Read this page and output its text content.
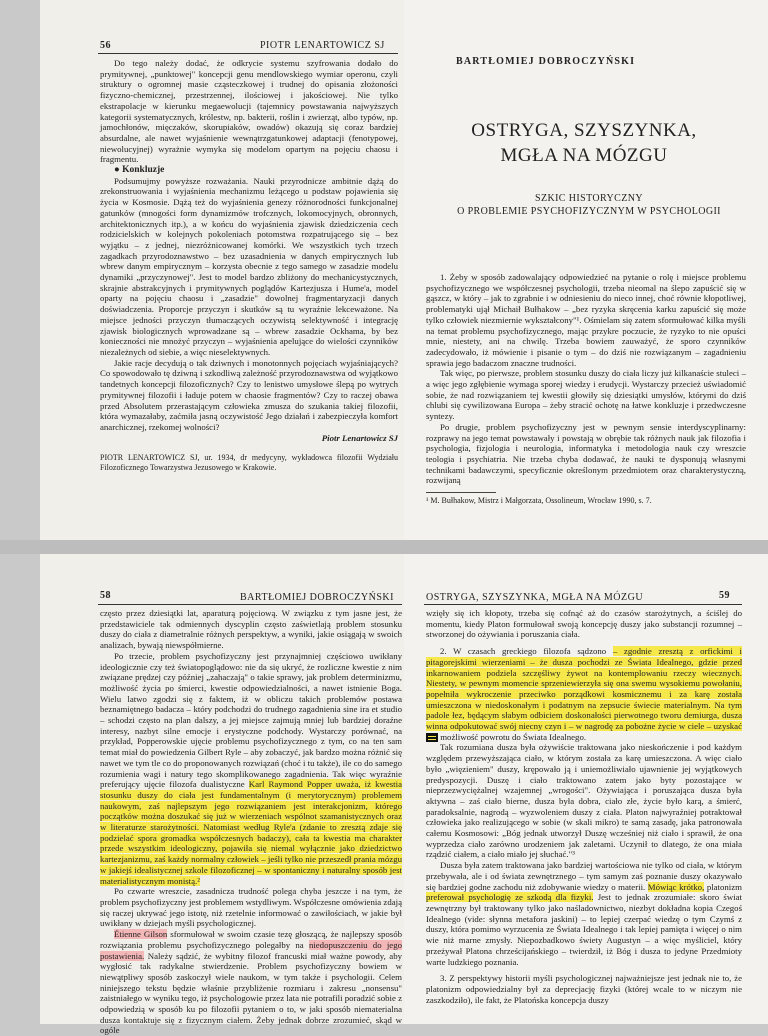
56	PIOTR LENARTOWICZ SJ

Do tego należy dodać, że odkrycie systemu szyfrowania dodało do prymitywnej, „punktowej" koncepcji genu mendlowskiego wymiar operonu, czyli struktury o ogromnej masie cząsteczkowej i trudnej do opisania złożoności fizyczno-chemicznej, przestrzennej, ilościowej i jakościowej. Nie tylko ekstrapolacje w kierunku megaewolucji (tajemnicy powstawania najwyższych kategorii systematycznych, królestw, np. bakterii, roślin i zwierząt, albo typów, np. jamochłonów, mięczaków, skorupiaków, owadów) okazują się coraz bardziej absurdalne, ale nawet wyjaśnienie wewnątrzgatunkowej adaptacji (fenotypowej, niewolucyjnej) wyrażnie wymyka się modelom opartym na pojęciu chaosu i fragmentu.

● Konkluzje

Podsumujmy powyższe rozważania. Nauki przyrodnicze ambitnie dążą do zrekonstruowania i wyjaśnienia mechanizmu leżącego u podstaw pojawienia się życia w Kosmosie. Dążą też do wyjaśnienia genezy różnorodności funkcjonalnej gatunków (mnogości form dynamizmów trofcznych, lokomocyjnych, obronnych, architektonicznych itp.), a w końcu do wyjaśnienia zjawisk dziedziczenia cech rodzicielskich w kolejnych pokoleniach potomstwa rozpatrującego się – bez wyjątku – z jednej, niezróżnicowanej komórki. We wszystkich tych trzech zagadkach przyrodoznawstwo – bez uzasadnienia w danych empirycznych lub wbrew danym empirycznym – korzysta obecnie z tego samego w zasadzie modelu dynamiki „przyczynowej". Jest to model bardzo zbliżony do mechanicystycznych, skrajnie abstrakcyjnych i prymitywnych poglądów Kartezjusza i Hume'a, model oparty na pojęciu chaosu i „zasadzie" dowolnej fragmentaryzacji danych doświadczenia. Proporcje przyczyn i skutków są tu wyraźnie lekceważone. Na miejsce jedności przyczyn tłumaczących oczywistą selektywność i integrację zjawisk biologicznych wprowadzane są – wbrew zasadzie Ockhama, by bez konieczności nie mnożyć przyczyn – wyjaśnienia apelujące do wielości czynników niezależnych od siebie, a więc nieselektywnych.

Jakie racje decydują o tak dziwnych i monotonnych pojęciach wyjaśniających? Co spowodowało tę dziwną i szkodliwą zależność przyrodoznawstwa od wyjątkowo tandetnych koncepcji filozoficznych? Czy to lenistwo umysłowe ślepą po wytrych prymitywnej filozofii i ładuje potem w chaosie fragmentów? Czy to raczej obawa przed Absolutem przerastającym człowieka zmusza do szukania takiej filozofii, która wymazałaby, zaćmiła jasną oczywistość Jego działań i zabezpieczyła komfort anarchicznej, rzekomej wolności?

Piotr Lenartowicz SJ

PIOTR LENARTOWICZ SJ, ur. 1934, dr medycyny, wykładowca filozofii Wydziału Filozoficznego Towarzystwa Jezusowego w Krakowie.

BARTŁOMIEJ DOBROCZYŃSKI
OSTRYGA, SZYSZYNKA,
MGŁA NA MÓZGU
SZKIC HISTORYCZNY
O PROBLEMIE PSYCHOFIZYCZNYM W PSYCHOLOGII

1. Żeby w sposób zadowalający odpowiedzieć na pytanie o rolę i miejsce problemu psychofizycznego we współczesnej psychologii, trzeba nieomal na ślepo zapuścić się w gąszcz, w który – jak to zgrabnie i w odniesieniu do nieco innej, choć równie kłopotliwej, problematyki ujął Michaił Bułhakow – „bez ryzyka skręcenia karku zapuścić się może tylko człowiek niezmiernie wykształcony"¹. Ośmielam się zatem sformułować kilka myśli na temat problemu psychofizycznego, mając przykre poczucie, że ryzyko to nie opuści mnie, niestety, ani na chwilę. Trzeba bowiem zauważyć, że sporo czynników zadecydowało, iż mówienie i pisanie o tym – do dziś nie rozwiązanym – zagadnieniu sprawia jego badaczom znaczne trudności.

Tak więc, po pierwsze, problem stosunku duszy do ciała liczy już kilkanaście stuleci – a więc jego zgłębienie wymaga sporej wiedzy i erudycji. Wystarczy przecież uświadomić sobie, że nad rozwiązaniem tej kwestii głowiły się dziesiątki umysłów, którymi do dziś chlubi się cywilizowana Europa – żeby stracić ochotę na łatwe konkluzje i przedwczesne syntezy.

Po drugie, problem psychofizyczny jest w pewnym sensie interdyscyplinarny: rozprawy na jego temat powstawały i powstają w obrębie tak różnych nauk jak filozofia i psychologia, fizjologia i neurologia, informatyka i metodologia nauk czy wreszcie teologia i psychiatria. Nie trzeba chyba dodawać, że nauki te dysponują własnymi technikami badawczymi, specyficznie określonym przedmiotem oraz charakterystyczną, rozwijaną

¹ M. Bułhakow, Mistrz i Małgorzata, Ossolineum, Wrocław 1990, s. 7.

58	BARTŁOMIEJ DOBROCZYŃSKI

często przez dziesiątki lat, aparaturą pojęciową. W związku z tym jasne jest, że przedstawiciele tak odmiennych dyscyplin często zaświetlają problem stosunku duszy do ciała z diametralnie różnych perspektyw, a wyniki, jakie osiągają w swoich analizach, bywają niewspółmierne.

Po trzecie, problem psychofizyczny jest przynajmniej częściowo uwikłany ideologicznie czy też światopoglądowo: nie da się ukryć, że rozliczne kwestie z nim związane prędzej czy później „zahaczają" o takie sprawy, jak problem determinizmu, możliwość życia po śmierci, kwestie odpowiedzialności, a nawet istnienie Boga. Wielu latwo zgodzi się z faktem, iż w obliczu takich problemów postawa beznamiętnego badacza – który podchodzi do trudnego zagadnienia sine ira et studio – schodzi często na plan dalszy, a jej miejsce zajmują mniej lub bardziej doraźne interesy, nazbyt silne emocje i erystyczne podchody. Wystarczy porównać, na przykład, Popperowskie ujęcie problemu psychofizycznego z tym, co na ten sam temat miał do powiedzenia Gilbert Ryle – aby zobaczyć, jak bardzo można różnić się nawet we tym tle co do proponowanych rozwiązań (choć i tu także), ile co do samego rozumienia wagi i natury tego skomplikowanego zagadnienia. Tak więc wyraźnie preferujący ujęcie filozofa dualistyczne Karl Raymond Popper uważa, iż kwestia stosunku duszy do ciała jest fundamentalnym (i merytorycznym) problemem naukowym, zaś najlepszym jego rozwiązaniem jest interakcjonizm, którego początków można doszukać się już w wierzeniach wspólnot szamanistycznych oraz w literaturze starożytności. Natomiast według Ryle'a (zdanie to zresztą zdaje się podzielać spora gromadka współczesnych badaczy), cała ta kwestia ma charakter przede wszystkim ideologiczny, pojawiła się niemal wyłącznie jako dziedzictwo kartezjanizmu, zaś każdy normalny człowiek – jeśli tylko nie przeszedł prania mózgu w jakiejś idealistycznej szkole filozoficznej – w spontaniczny i naturalny sposób jest materialistycznym monistą.²

Po czwarte wreszcie, zasadnicza trudność polega chyba jeszcze i na tym, że problem psychofizyczny jest problemem wstydliwym. Współczesne omówienia zdają się raczej ukrywać jego istotę, niż rzetelnie informować o zawiłościach, w jakie był uwikłany w dziejach myśli psychologicznej.

Étienne Gilson sformułował w swoim czasie tezę głoszącą, że najlepszy sposób rozwiązania problemu psychofizycznego polegałby na niedopuszczeniu do jego postawienia. Należy sądzić, że wybitny filozof francuski miał ważne powody, aby wygłosić tak radykalne stwierdzenie. Problem psychofizyczny bowiem w niewątpliwy sposób zaskoczył wiele naukom, w tym także i psychologii. Celem niniejszego tekstu będzie właśnie przybliżenie rozmiaru i zakresu „nonsensu" zaistniałego w wyniku tego, iż psychologowie przez lata nie potrafili poradzić sobie z odpowiedzią w sposób ku po filozofii pytaniem o to, w jaki sposób niematerialna dusza kontaktuje się z fizycznym ciałem. Żeby jednak dobrze zrozumieć, skąd w ogóle

OSTRYGA, SZYSZYNKA, MGŁA NA MÓZGU	59

wzięły się ich kłopoty, trzeba się cofnąć aż do czasów starożytnych, a ściślej do momentu, kiedy Platon formułował swoją koncepcję duszy jako substancji rozumnej – stworzonej do ożywiania i poruszania ciała.

2. W czasach greckiego filozofa sądzono – zgodnie zresztą z orfickimi i pitagorejskimi wierzeniami – że dusza pochodzi ze Świata Idealnego, gdzie przed inkarnowaniem podziela szczęśliwy żywot na kontemplowaniu rzeczy wiecznych. Niestety, w pewnym momencie sprzeniewierzyła się ona swemu wysokiemu powołaniu, popełniła wykroczenie przeciwko porządkowi kosmicznemu i za karę została umieszczona w niedoskonałym i podatnym na zepsucie świecie materialnym. Na tym padole łez, będącym słabym odbiciem doskonałości pierwotnego tworu demiurga, dusza winna odpokutować swój niecny czyn i – w nagrodę za pobożne życie w ciele – uzyskać możliwość powrotu do Świata Idealnego.

Tak rozumiana dusza była ożywiście traktowana jako nieskończenie i pod każdym względem przewyższająca ciało, w którym została za karę umieszczona. A więc ciało było „więzieniem" duszy, krępowało ją i uniemożliwiało ujawnienie jej wyjątkowych predyspozycji. Duszę i ciało traktowano zatem jako byty pozostające w nieprzezwyciężalnej wzajemnej „wrogości". Ożywiająca i poruszająca dusza była aktywna – zaś ciało bierne, dusza była dobra, ciało złe, życie było karą, a śmierć, paradoksalnie, nagrodą – wyzwoleniem duszy z ciała. Platon najwyraźniej potraktował człowieka jako realizującego w sobie (w skali mikro) te samą zasadę, jaka patronowała całemu Kosmosowi: „Bóg jednak utworzył Duszę wcześniej niż ciało i sprawił, że ona wyprzedza ciało zarówno urodzeniem jak zaletami. Uczynił to dlatego, że ona miała rządzić ciałem, a ciało miało jej słuchać."³

Dusza była zatem traktowana jako bardziej wartościowa nie tylko od ciała, w którym przebywała, ale i od świata zewnętrznego – tym samym zaś poznanie duszy okazywało się bardziej godne zachodu niż zdobywanie wiedzy o materii. Mówiąc krótko, platonizm preferował psychologię ze szkodą dla fizyki. Jest to jednak zrozumiałe: skoro świat zewnętrzny był traktowany tylko jako naśladownictwo, niezbyt dokładna kopia Czegoś Idealnego (vide: słynna metafora jaskini) – to lepiej czerpać wiedzę o tym Czymś z duszy, która pomimo wyrzucenia ze Świata Idealnego i tak lepiej pamięta i więcej o nim wie niż marne zmysły. Niepozbadkowo świety Augustyn – a więc myśliciel, który przeżywał Platona chrześcijańskiego – twierdził, iż Bóg i dusza to jedyne Przedmioty warte ludzkiego poznania.

3. Z perspektywy historii myśli psychologicznej najważniejsze jest jednak nie to, że platonizm odpowiedzialny był za deprecjację fizyki (której wcale to w niczym nie zaszkodziło), ile fakt, że Platońska koncepcja duszy
